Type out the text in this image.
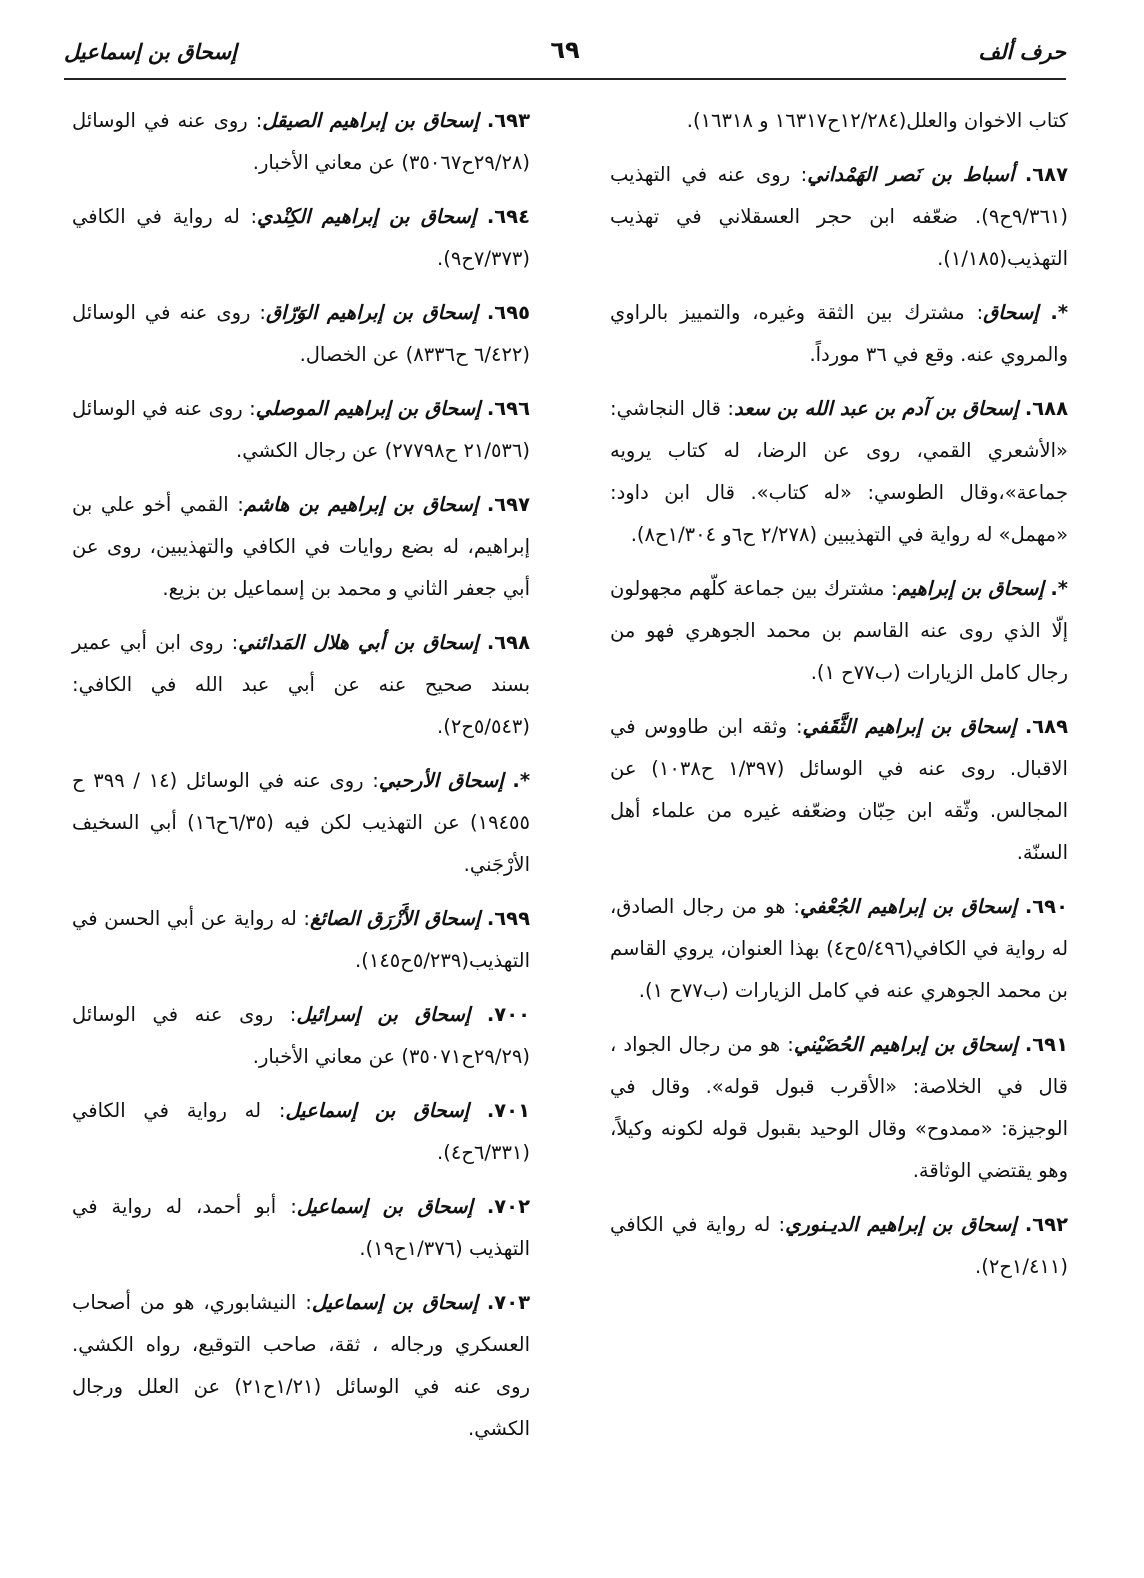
حرف ألف
٦٩
إسحاق بن إسماعيل

كتاب الاخوان والعلل(١٢/٢٨٤ح١٦٣١٧ و ١٦٣١٨).

٦٨٧. أسباط بن نَصر الهَمْداني: روى عنه في التهذيب (٩/٣٦١ح٩). ضعّفه ابن حجر العسقلاني في تهذيب التهذيب(١/١٨٥).

*. إسحاق: مشترك بين الثقة وغيره، والتمييز بالراوي والمروي عنه. وقع في ٣٦ مورداً.

٦٨٨. إسحاق بن آدم بن عبد الله بن سعد: قال النجاشي: «الأشعري القمي، روى عن الرضا، له كتاب يرويه جماعة»،وقال الطوسي: «له كتاب». قال ابن داود: «مهمل» له رواية في التهذيبين (٢/٢٧٨ ح٦و ١/٣٠٤ح٨).

*. إسحاق بن إبراهيم: مشترك بين جماعة كلّهم مجهولون إلّا الذي روى عنه القاسم بن محمد الجوهري فهو من رجال كامل الزيارات (ب٧٧ح ١).

٦٨٩. إسحاق بن إبراهيم الثَّقَفي: وثقه ابن طاووس في الاقبال. روى عنه في الوسائل (١/٣٩٧ ح١٠٣٨) عن المجالس. وثّقه ابن حِبّان وضعّفه غيره من علماء أهل السنّة.

٦٩٠. إسحاق بن إبراهيم الجُعْفي: هو من رجال الصادق، له رواية في الكافي(٥/٤٩٦ح٤) بهذا العنوان، يروي القاسم بن محمد الجوهري عنه في كامل الزيارات (ب٧٧ح ١).

٦٩١. إسحاق بن إبراهيم الحُضَيْني: هو من رجال الجواد ، قال في الخلاصة: «الأقرب قبول قوله». وقال في الوجيزة: «ممدوح» وقال الوحيد بقبول قوله لكونه وكيلاً، وهو يقتضي الوثاقة.

٦٩٢. إسحاق بن إبراهيم الديـنوري: له رواية في الكافي (١/٤١١ح٢).

٦٩٣. إسحاق بن إبراهيم الصيقل: روى عنه في الوسائل (٢٩/٢٨ح٣٥٠٦٧) عن معاني الأخبار.

٦٩٤. إسحاق بن إبراهيم الكِنْدي: له رواية في الكافي (٧/٣٧٣ح٩).

٦٩٥. إسحاق بن إبراهيم الوَرّاق: روى عنه في الوسائل (٦/٤٢٢ ح٨٣٣٦) عن الخصال.

٦٩٦. إسحاق بن إبراهيم الموصلي: روى عنه في الوسائل (٢١/٥٣٦ ح٢٧٧٩٨) عن رجال الكشي.

٦٩٧. إسحاق بن إبراهيم بن هاشم: القمي أخو علي بن إبراهيم، له بضع روايات في الكافي والتهذيبين، روى عن أبي جعفر الثاني و محمد بن إسماعيل بن بزيع.

٦٩٨. إسحاق بن أبي هلال المَدائني: روى ابن أبي عمير بسند صحيح عنه عن أبي عبد الله في الكافي: (٥/٥٤٣ح٢).

*. إسحاق الأرحبي: روى عنه في الوسائل (١٤ / ٣٩٩ ح ١٩٤٥٥) عن التهذيب لكن فيه (٦/٣٥ح١٦) أبي السخيف الأرْجَني.

٦٩٩. إسحاق الأَزْرَق الصائغ: له رواية عن أبي الحسن في التهذيب(٥/٢٣٩ح١٤٥).

٧٠٠. إسحاق بن إسرائيل: روى عنه في الوسائل (٢٩/٢٩ح٣٥٠٧١) عن معاني الأخبار.

٧٠١. إسحاق بن إسماعيل: له رواية في الكافي (٦/٣٣١ح٤).

٧٠٢. إسحاق بن إسماعيل: أبو أحمد، له رواية في التهذيب (١/٣٧٦ح١٩).

٧٠٣. إسحاق بن إسماعيل: النيشابوري، هو من أصحاب العسكري ورجاله ، ثقة، صاحب التوقيع، رواه الكشي. روى عنه في الوسائل (١/٢١ح٢١) عن العلل ورجال الكشي.
